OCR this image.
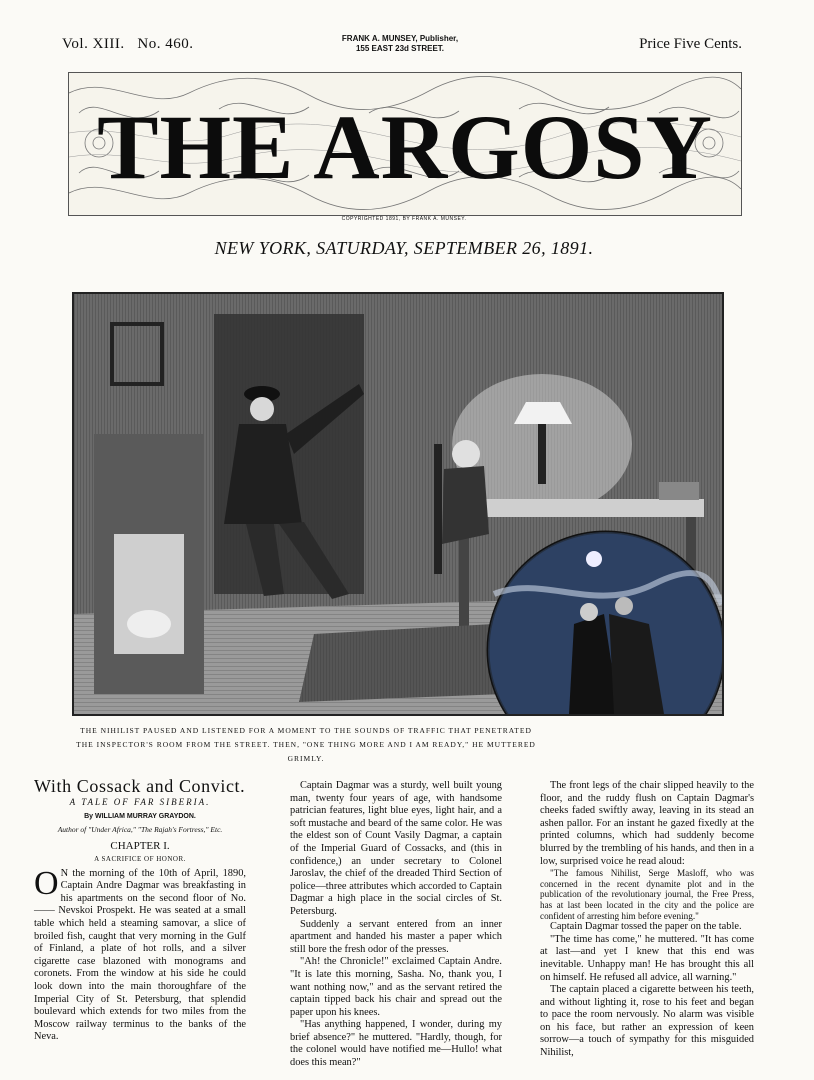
Vol. XIII. No. 460.	FRANK A. MUNSEY, Publisher,
155 EAST 23d STREET.	Price Five Cents.
THE ARGOSY
COPYRIGHTED 1891, BY FRANK A. MUNSEY.
NEW YORK, SATURDAY, SEPTEMBER 26, 1891.
THE NIHILIST PAUSED AND LISTENED FOR A MOMENT TO THE SOUNDS OF TRAFFIC THAT PENETRATED THE INSPECTOR'S ROOM FROM THE STREET. THEN, "ONE THING MORE AND I AM READY," HE MUTTERED GRIMLY.
With Cossack and Convict.
A TALE OF FAR SIBERIA.
By WILLIAM MURRAY GRAYDON.
Author of "Under Africa," "The Rajah's Fortress," Etc.
CHAPTER I.
A SACRIFICE OF HONOR.

O N the morning of the 10th of April, 1890, Captain Andre Dagmar was breakfasting in his apartments on the second floor of No. —— Nevskoi Prospekt. He was seated at a small table which held a steaming samovar, a slice of broiled fish, caught that very morning in the Gulf of Finland, a plate of hot rolls, and a silver cigarette case blazoned with monograms and coronets. From the window at his side he could look down into the main thoroughfare of the Imperial City of St. Petersburg, that splendid boulevard which extends for two miles from the Moscow railway terminus to the banks of the Neva.

Captain Dagmar was a sturdy, well built young man, twenty four years of age, with handsome patrician features, light blue eyes, light hair, and a soft mustache and beard of the same color. He was the eldest son of Count Vasily Dagmar, a captain of the Imperial Guard of Cossacks, and (this in confidence,) an under secretary to Colonel Jaroslav, the chief of the dreaded Third Section of police—three attributes which accorded to Captain Dagmar a high place in the social circles of St. Petersburg.

Suddenly a servant entered from an inner apartment and handed his master a paper which still bore the fresh odor of the presses.

"Ah! the Chronicle!" exclaimed Captain Andre. "It is late this morning, Sasha. No, thank you, I want nothing now," and as the servant retired the captain tipped back his chair and spread out the paper upon his knees.

"Has anything happened, I wonder, during my brief absence?" he muttered. "Hardly, though, for the colonel would have notified me—Hullo! what does this mean?"

The front legs of the chair slipped heavily to the floor, and the ruddy flush on Captain Dagmar's cheeks faded swiftly away, leaving in its stead an ashen pallor. For an instant he gazed fixedly at the printed columns, which had suddenly become blurred by the trembling of his hands, and then in a low, surprised voice he read aloud:

"The famous Nihilist, Serge Masloff, who was concerned in the recent dynamite plot and in the publication of the revolutionary journal, the Free Press, has at last been located in the city and the police are confident of arresting him before evening."

Captain Dagmar tossed the paper on the table.

"The time has come," he muttered. "It has come at last—and yet I knew that this end was inevitable. Unhappy man! He has brought this all on himself. He refused all advice, all warning."

The captain placed a cigarette between his teeth, and without lighting it, rose to his feet and began to pace the room nervously. No alarm was visible on his face, but rather an expression of keen sorrow—a touch of sympathy for this misguided Nihilist,
